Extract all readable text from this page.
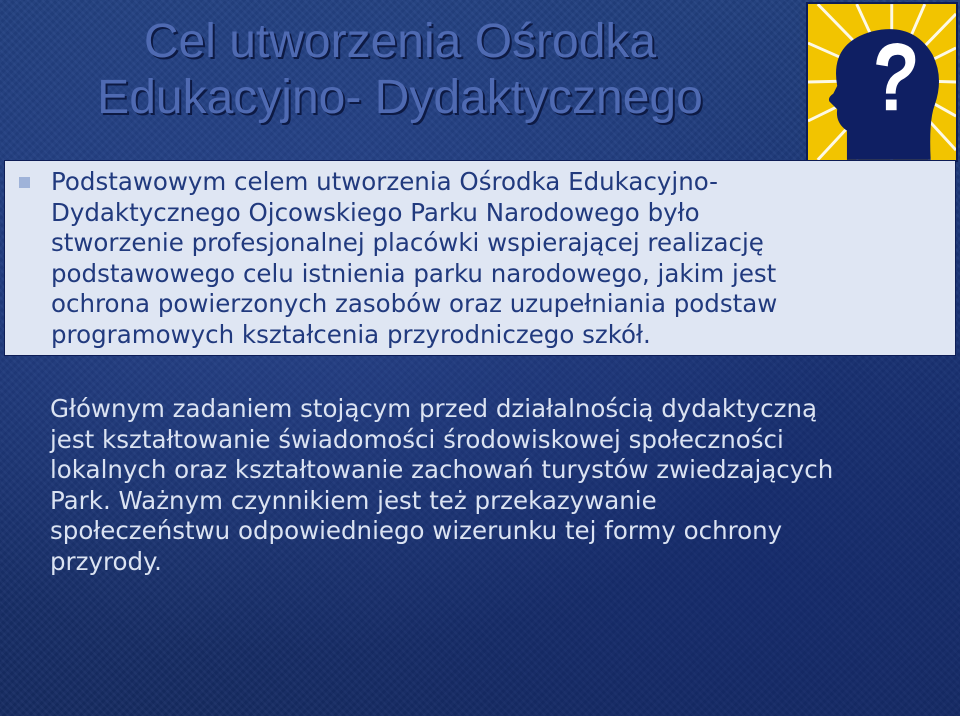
Cel utworzenia Ośrodka
Edukacyjno- Dydaktycznego
Podstawowym celem utworzenia Ośrodka Edukacyjno-
Dydaktycznego Ojcowskiego Parku Narodowego było
stworzenie profesjonalnej placówki wspierającej realizację
podstawowego celu istnienia parku narodowego, jakim jest
ochrona powierzonych zasobów oraz uzupełniania podstaw
programowych kształcenia przyrodniczego szkół.
Głównym zadaniem stojącym przed działalnością dydaktyczną
jest kształtowanie świadomości środowiskowej społeczności
lokalnych oraz kształtowanie zachowań turystów zwiedzających
Park. Ważnym czynnikiem jest też przekazywanie
społeczeństwu odpowiedniego wizerunku tej formy ochrony
przyrody.
